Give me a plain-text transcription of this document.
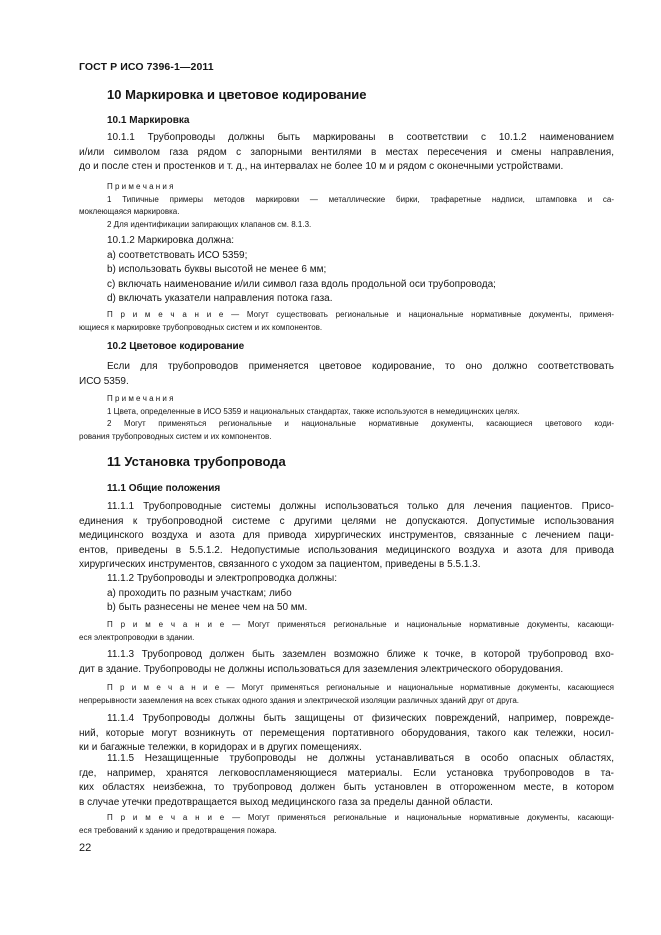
ГОСТ Р ИСО 7396-1—2011
10 Маркировка и цветовое кодирование
10.1 Маркировка
10.1.1 Трубопроводы должны быть маркированы в соответствии с 10.1.2 наименованием
и/или символом газа рядом с запорными вентилями в местах пересечения и смены направления,
до и после стен и простенков и т. д., на интервалах не более 10 м и рядом с оконечными устройствами.
П р и м е ч а н и я
1 Типичные примеры методов маркировки — металлические бирки, трафаретные надписи, штамповка и са-
моклеющаяся маркировка.
2 Для идентификации запирающих клапанов см. 8.1.3.
10.1.2 Маркировка должна:
a) соответствовать ИСО 5359;
b) использовать буквы высотой не менее 6 мм;
c) включать наименование и/или символ газа вдоль продольной оси трубопровода;
d) включать указатели направления потока газа.
П р и м е ч а н и е — Могут существовать региональные и национальные нормативные документы, применя-
ющиеся к маркировке трубопроводных систем и их компонентов.
10.2 Цветовое кодирование
Если для трубопроводов применяется цветовое кодирование, то оно должно соответствовать
ИСО 5359.
П р и м е ч а н и я
1 Цвета, определенные в ИСО 5359 и национальных стандартах, также используются в немедицинских целях.
2 Могут применяться региональные и национальные нормативные документы, касающиеся цветового коди-
рования трубопроводных систем и их компонентов.
11 Установка трубопровода
11.1 Общие положения
11.1.1 Трубопроводные системы должны использоваться только для лечения пациентов. Присо-
единения к трубопроводной системе с другими целями не допускаются. Допустимые использования
медицинского воздуха и азота для привода хирургических инструментов, связанные с лечением паци-
ентов, приведены в 5.5.1.2. Недопустимые использования медицинского воздуха и азота для привода
хирургических инструментов, связанного с уходом за пациентом, приведены в 5.5.1.3.
11.1.2 Трубопроводы и электропроводка должны:
a) проходить по разным участкам; либо
b) быть разнесены не менее чем на 50 мм.
П р и м е ч а н и е — Могут применяться региональные и национальные нормативные документы, касающи-
еся электропроводки в здании.
11.1.3 Трубопровод должен быть заземлен возможно ближе к точке, в которой трубопровод вхо-
дит в здание. Трубопроводы не должны использоваться для заземления электрического оборудования.
П р и м е ч а н и е — Могут применяться региональные и национальные нормативные документы, касающиеся
непрерывности заземления на всех стыках одного здания и электрической изоляции различных зданий друг от друга.
11.1.4 Трубопроводы должны быть защищены от физических повреждений, например, поврежде-
ний, которые могут возникнуть от перемещения портативного оборудования, такого как тележки, носил-
ки и багажные тележки, в коридорах и в других помещениях.
11.1.5 Незащищенные трубопроводы не должны устанавливаться в особо опасных областях,
где, например, хранятся легковоспламеняющиеся материалы. Если установка трубопроводов в та-
ких областях неизбежна, то трубопровод должен быть установлен в отгороженном месте, в котором
в случае утечки предотвращается выход медицинского газа за пределы данной области.
П р и м е ч а н и е — Могут применяться региональные и национальные нормативные документы, касающи-
еся требований к зданию и предотвращения пожара.
22
